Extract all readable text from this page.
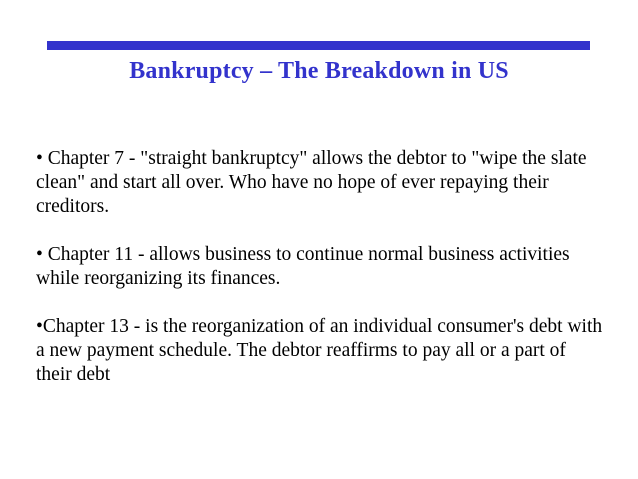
Bankruptcy – The Breakdown in US

• Chapter 7 - "straight bankruptcy" allows the debtor to "wipe the slate clean" and start all over. Who have no hope of ever repaying their creditors.

• Chapter 11 - allows business to continue normal business activities while reorganizing its finances.

•Chapter 13 - is the reorganization of an individual consumer's debt with a new payment schedule. The debtor reaffirms to pay all or a part of their debt
